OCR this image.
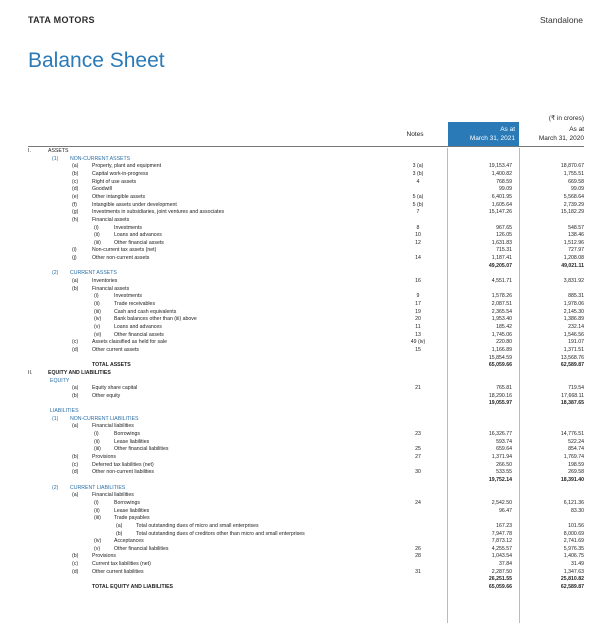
TATA MOTORS	Standalone
Balance Sheet
(₹ in crores)
Notes
As at
March 31, 2021
As at
March 31, 2020
I.	ASSETS
(1) NON-CURRENT ASSETS
(a)	Property, plant and equipment	3 (a)	19,153.47	18,870.67
(b)	Capital work-in-progress	3 (b)	1,400.82	1,755.51
(c)	Right of use assets	4	768.59	669.58
(d)	Goodwill	99.09	99.09
(e)	Other intangible assets	5 (a)	6,401.95	5,568.64
(f)	Intangible assets under development	5 (b)	1,605.64	2,739.29
(g)	Investments in subsidiaries, joint ventures and associates	7	15,147.26	15,182.29
(h)	Financial assets
(i)	Investments	8	967.65	548.57
(ii)	Loans and advances	10	126.05	138.46
(iii)	Other financial assets	12	1,631.83	1,512.96
(i)	Non-current tax assets (net)	715.31	727.97
(j)	Other non-current assets	14	1,187.41	1,208.08
49,205.07	49,021.11
(2) CURRENT ASSETS
(a)	Inventories	16	4,551.71	3,831.92
(b)	Financial assets
(i)	Investments	9	1,578.26	885.31
(ii)	Trade receivables	17	2,087.51	1,978.06
(iii)	Cash and cash equivalents	19	2,365.54	2,145.30
(iv) Bank balances other than (iii) above	20	1,953.40	1,386.89
(v)	Loans and advances	11	185.42	232.14
(vi) Other financial assets	13	1,745.06	1,546.56
(c)	Assets classified as held for sale	49 (iv)	220.80	191.07
(d)	Other current assets	15	1,166.89	1,371.51
15,854.59	13,568.76
TOTAL ASSETS	65,059.66	62,589.87
II.	EQUITY AND LIABILITIES
EQUITY
(a)	Equity share capital	21	765.81	719.54
(b)	Other equity	18,290.16	17,668.11
19,055.97	18,387.65
LIABILITIES
(1) NON-CURRENT LIABILITIES
(a)	Financial liabilities
(i)	Borrowings	23	16,326.77	14,776.51
(ii)	Lease liabilities	593.74	522.24
(iii)	Other financial liabilities	25	659.64	854.74
(b)	Provisions	27	1,371.94	1,769.74
(c)	Deferred tax liabilities (net)	266.50	198.59
(d)	Other non-current liabilities	30	533.55	269.58
19,752.14	18,391.40
(2) CURRENT LIABILITIES
(a)	Financial liabilities
(i)	Borrowings	24	2,542.50	6,121.36
(ii)	Lease liabilities	96.47	83.30
(iii)	Trade payables
(a)	Total outstanding dues of micro and small enterprises	167.23	101.56
(b)	Total outstanding dues of creditors other than micro and small enterprises	7,947.78	8,000.69
(iv) Acceptances	7,873.12	2,741.69
(v)	Other financial liabilities	26	4,255.57	5,976.35
(b)	Provisions	28	1,043.54	1,406.75
(c)	Current tax liabilities (net)	37.84	31.49
(d)	Other current liabilities	31	2,287.50	1,347.63
26,251.55	25,810.82
TOTAL EQUITY AND LIABILITIES	65,059.66	62,589.87
